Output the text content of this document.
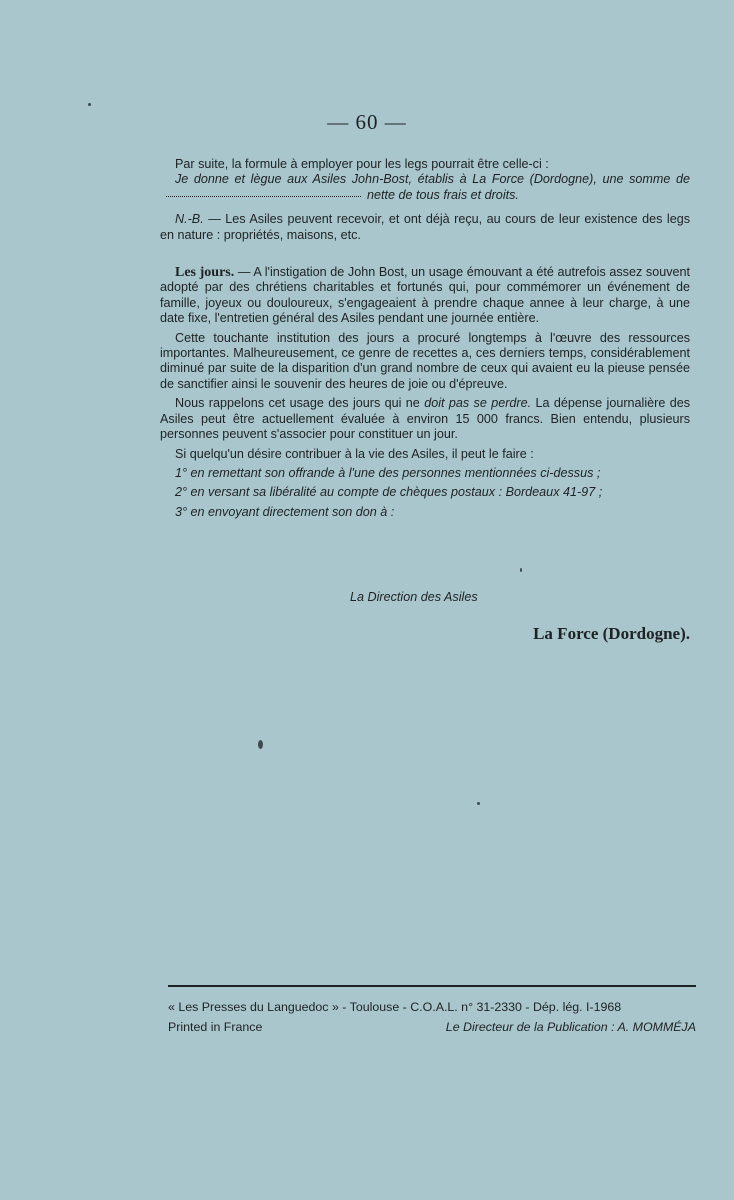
— 60 —

Par suite, la formule à employer pour les legs pourrait être celle-ci :

Je donne et lègue aux Asiles John-Bost, établis à La Force (Dordogne), une somme denette de tous frais et droits.

N.-B. — Les Asiles peuvent recevoir, et ont déjà reçu, au cours de leur existence des legs en nature : propriétés, maisons, etc.

Les jours. — A l'instigation de John Bost, un usage émouvant a été autrefois assez souvent adopté par des chrétiens charitables et fortunés qui, pour commémorer un événement de famille, joyeux ou douloureux, s'engageaient à prendre chaque annee à leur charge, à une date fixe, l'entretien général des Asiles pendant une journée entière.

Cette touchante institution des jours a procuré longtemps à l'œuvre des ressources importantes. Malheureusement, ce genre de recettes a, ces derniers temps, considérablement diminué par suite de la disparition d'un grand nombre de ceux qui avaient eu la pieuse pensée de sanctifier ainsi le souvenir des heures de joie ou d'épreuve.

Nous rappelons cet usage des jours qui ne doit pas se perdre. La dépense journalière des Asiles peut être actuellement évaluée à environ 15 000 francs. Bien entendu, plusieurs personnes peuvent s'associer pour constituer un jour.

Si quelqu'un désire contribuer à la vie des Asiles, il peut le faire :

1° en remettant son offrande à l'une des personnes mentionnées ci-dessus ;

2° en versant sa libéralité au compte de chèques postaux : Bordeaux 41-97 ;

3° en envoyant directement son don à :

La Direction des Asiles
La Force (Dordogne).
« Les Presses du Languedoc » - Toulouse - C.O.A.L. n° 31-2330 - Dép. lég. I-1968
Printed in France	Le Directeur de la Publication : A. MOMMÉJA
